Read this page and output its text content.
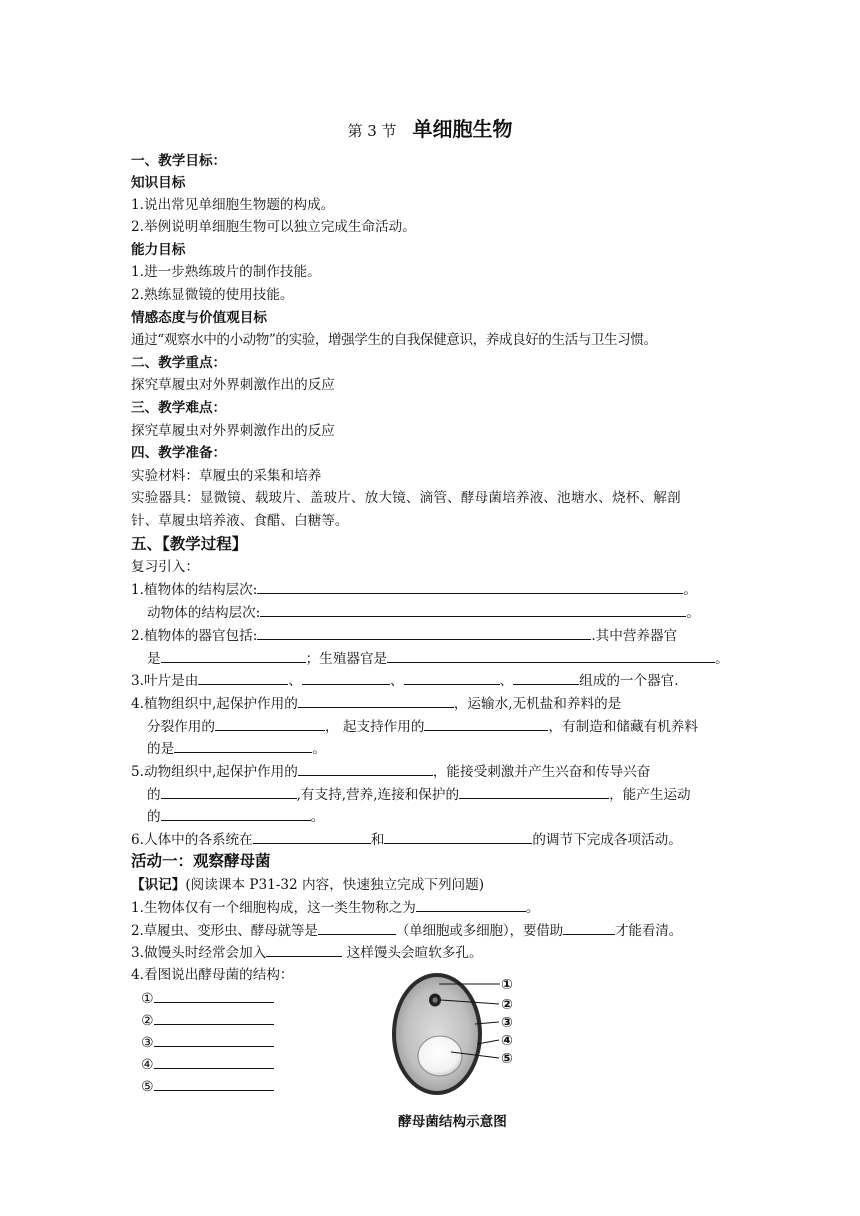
第 3 节 单细胞生物
一、教学目标：
知识目标
1.说出常见单细胞生物题的构成。
2.举例说明单细胞生物可以独立完成生命活动。
能力目标
1.进一步熟练玻片的制作技能。
2.熟练显微镜的使用技能。
情感态度与价值观目标
通过“观察水中的小动物”的实验，增强学生的自我保健意识，养成良好的生活与卫生习惯。
二、教学重点：
探究草履虫对外界刺激作出的反应
三、教学难点：
探究草履虫对外界刺激作出的反应
四、教学准备：
实验材料：草履虫的采集和培养
实验器具：显微镜、载玻片、盖玻片、放大镜、滴管、酵母菌培养液、池塘水、烧杯、解剖
针、草履虫培养液、食醋、白糖等。
五、【教学过程】
复习引入：
1.植物体的结构层次:	。
动物体的结构层次:	。
2.植物体的器官包括:	.其中营养器官
是	；生殖器官是	。
3.叶片是由	、	、	、	组成的一个器官.
4.植物组织中,起保护作用的	，运输水,无机盐和养料的是
分裂作用的	， 起支持作用的	，有制造和储藏有机养料
的是	。
5.动物组织中,起保护作用的	，能接受刺激并产生兴奋和传导兴奋
的	,有支持,营养,连接和保护的	，能产生运动
的	。
6.人体中的各系统在	和	的调节下完成各项活动。
活动一：观察酵母菌
【识记】(阅读课本 P31-32 内容，快速独立完成下列问题)
1.生物体仅有一个细胞构成，这一类生物称之为	。
2.草履虫、变形虫、酵母就等是	（单细胞或多细胞），要借助	才能看清。
3.做馒头时经常会加入	这样馒头会暄软多孔。
4.看图说出酵母菌的结构：
①
②
③
④
⑤
①
②
③
④
⑤
酵母菌结构示意图
